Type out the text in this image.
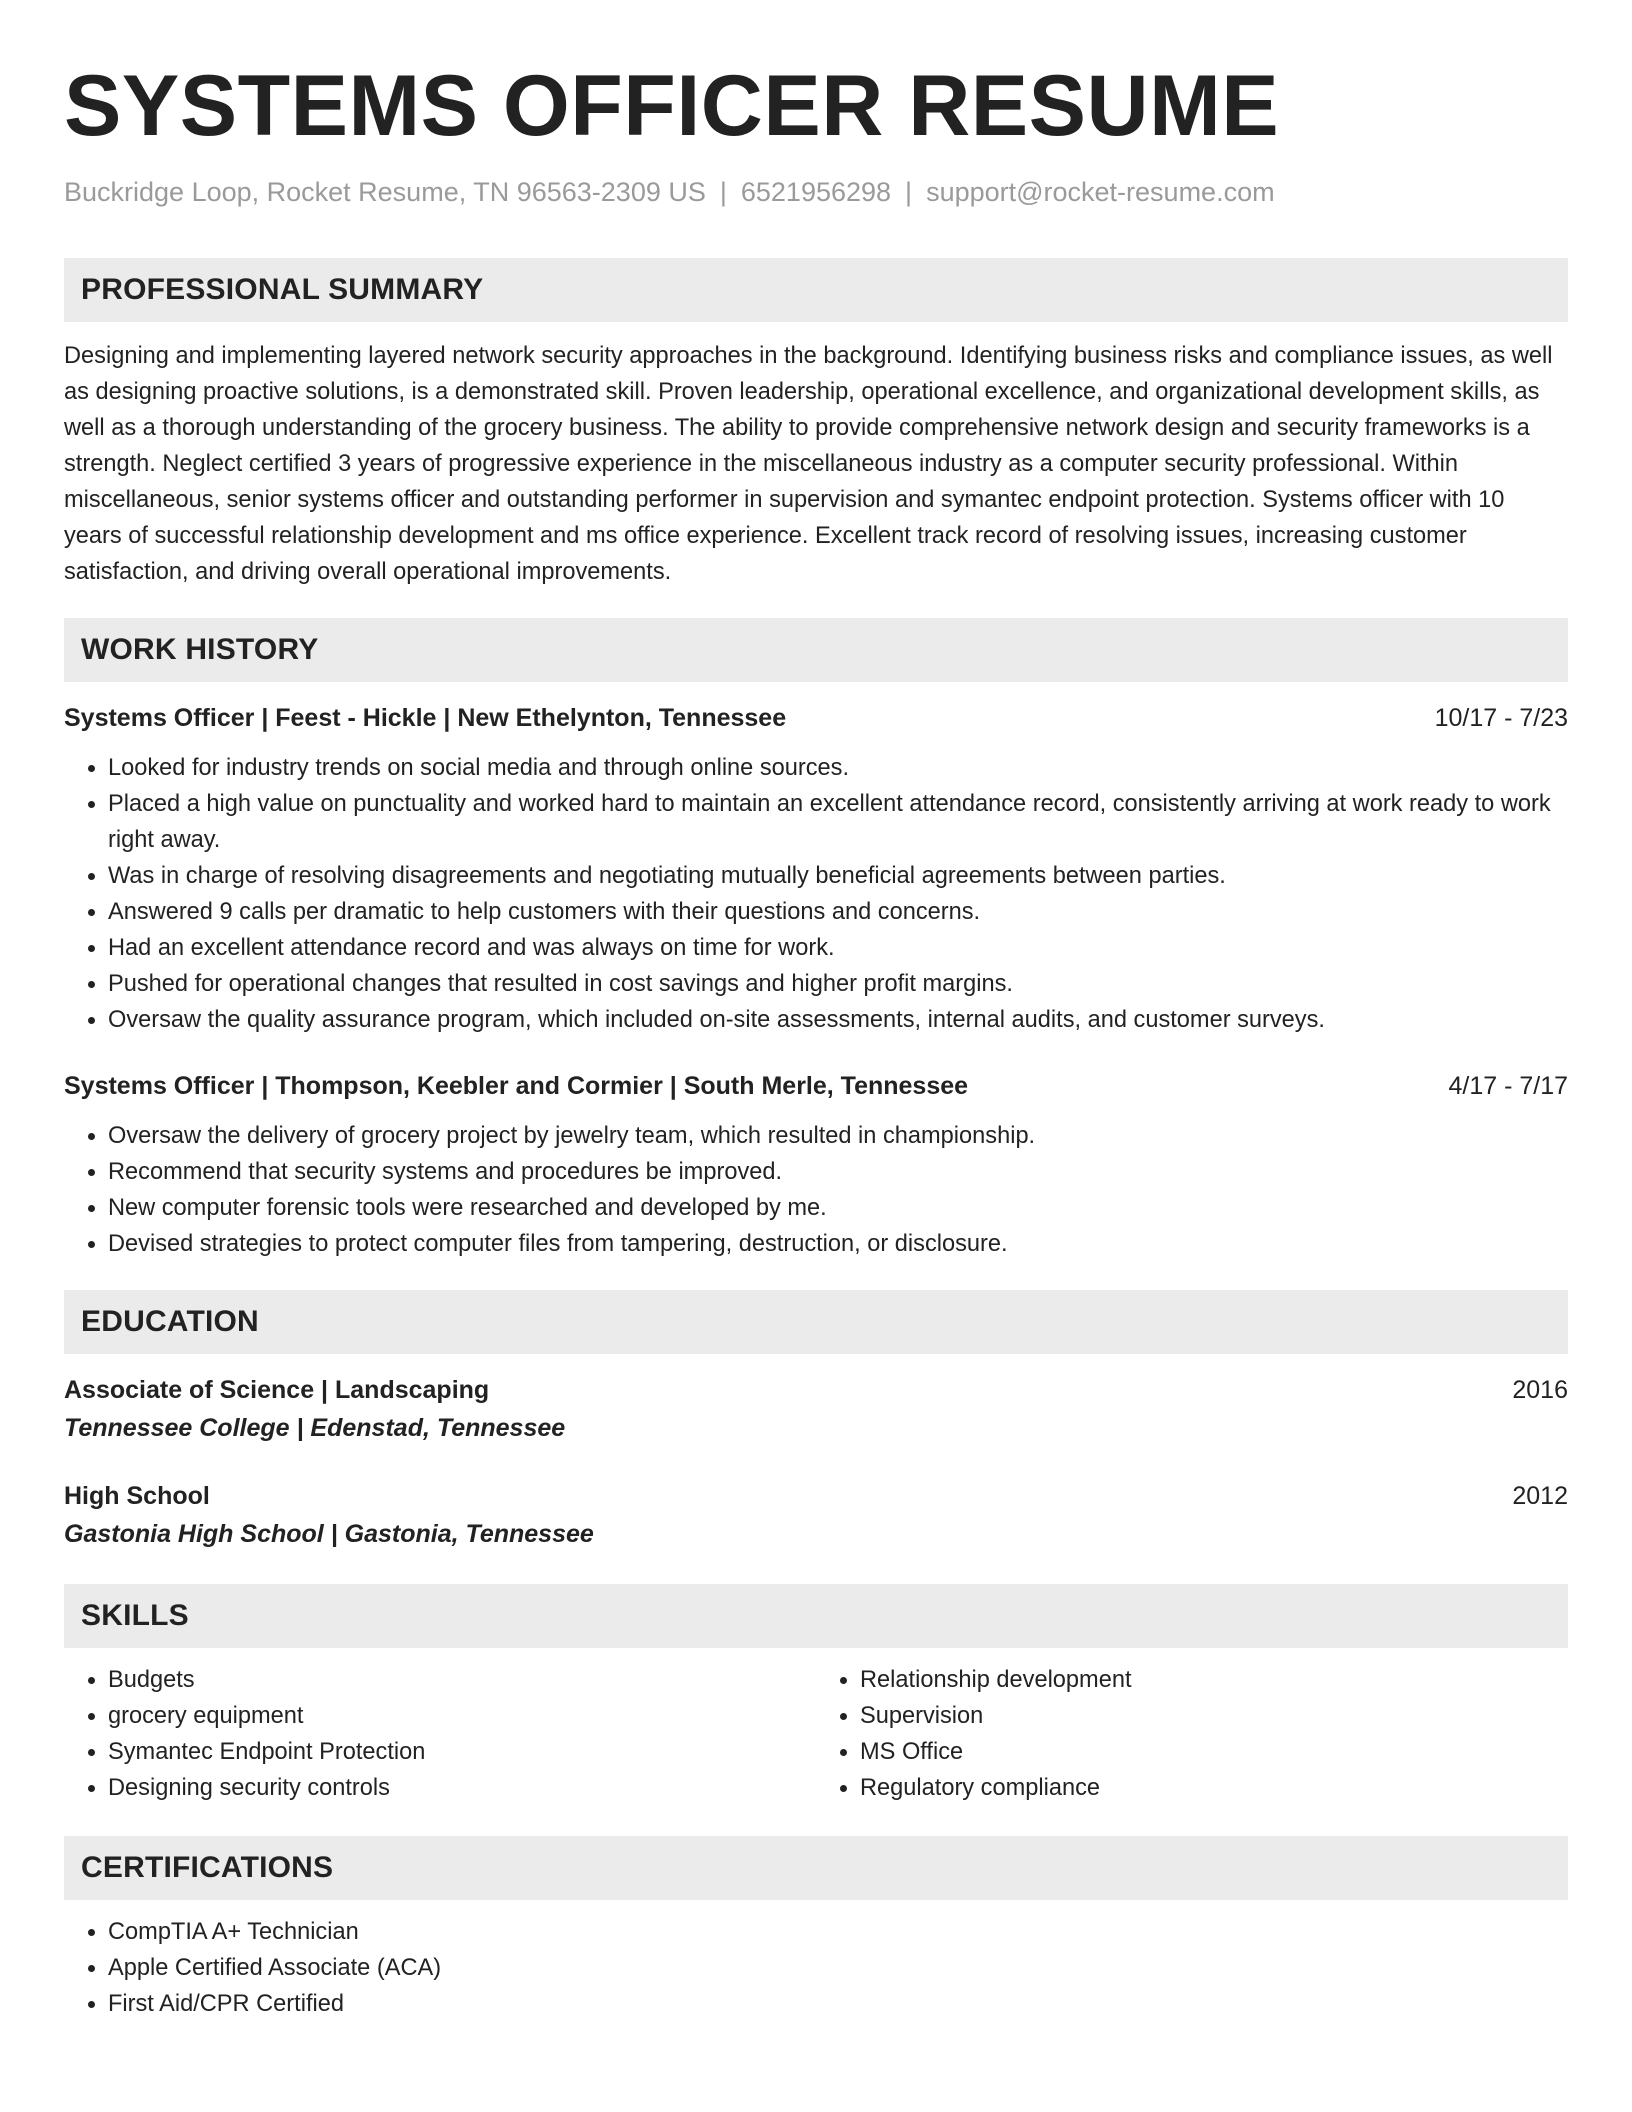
SYSTEMS OFFICER RESUME
Buckridge Loop, Rocket Resume, TN 96563-2309 US | 6521956298 | support@rocket-resume.com
PROFESSIONAL SUMMARY
Designing and implementing layered network security approaches in the background. Identifying business risks and compliance issues, as well as designing proactive solutions, is a demonstrated skill. Proven leadership, operational excellence, and organizational development skills, as well as a thorough understanding of the grocery business. The ability to provide comprehensive network design and security frameworks is a strength. Neglect certified 3 years of progressive experience in the miscellaneous industry as a computer security professional. Within miscellaneous, senior systems officer and outstanding performer in supervision and symantec endpoint protection. Systems officer with 10 years of successful relationship development and ms office experience. Excellent track record of resolving issues, increasing customer satisfaction, and driving overall operational improvements.
WORK HISTORY
Systems Officer | Feest - Hickle | New Ethelynton, Tennessee	10/17 - 7/23
• Looked for industry trends on social media and through online sources.
• Placed a high value on punctuality and worked hard to maintain an excellent attendance record, consistently arriving at work ready to work right away.
• Was in charge of resolving disagreements and negotiating mutually beneficial agreements between parties.
• Answered 9 calls per dramatic to help customers with their questions and concerns.
• Had an excellent attendance record and was always on time for work.
• Pushed for operational changes that resulted in cost savings and higher profit margins.
• Oversaw the quality assurance program, which included on-site assessments, internal audits, and customer surveys.
Systems Officer | Thompson, Keebler and Cormier | South Merle, Tennessee	4/17 - 7/17
• Oversaw the delivery of grocery project by jewelry team, which resulted in championship.
• Recommend that security systems and procedures be improved.
• New computer forensic tools were researched and developed by me.
• Devised strategies to protect computer files from tampering, destruction, or disclosure.
EDUCATION
Associate of Science | Landscaping	2016
Tennessee College | Edenstad, Tennessee
High School	2012
Gastonia High School | Gastonia, Tennessee
SKILLS
• Budgets
• grocery equipment
• Symantec Endpoint Protection
• Designing security controls
• Relationship development
• Supervision
• MS Office
• Regulatory compliance
CERTIFICATIONS
• CompTIA A+ Technician
• Apple Certified Associate (ACA)
• First Aid/CPR Certified
